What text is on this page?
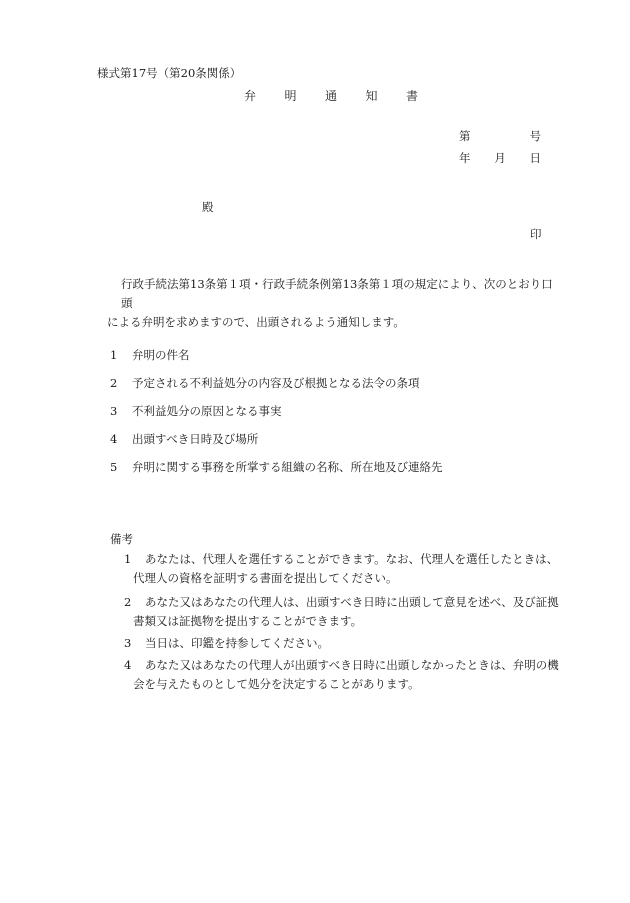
様式第17号（第20条関係）
弁 明 通 知 書
第	号
年 月 日
殿
印

行政手続法第13条第１項・行政手続条例第13条第１項の規定により、次のとおり口頭

による弁明を求めますので、出頭されるよう通知します。

1 弁明の件名
2 予定される不利益処分の内容及び根拠となる法令の条項
3 不利益処分の原因となる事実
4 出頭すべき日時及び場所
5 弁明に関する事務を所掌する組織の名称、所在地及び連絡先
備考
1 あなたは、代理人を選任することができます。なお、代理人を選任したときは、
代理人の資格を証明する書面を提出してください。
2 あなた又はあなたの代理人は、出頭すべき日時に出頭して意見を述べ、及び証拠
書類又は証拠物を提出することができます。
3 当日は、印鑑を持参してください。
4 あなた又はあなたの代理人が出頭すべき日時に出頭しなかったときは、弁明の機
会を与えたものとして処分を決定することがあります。
